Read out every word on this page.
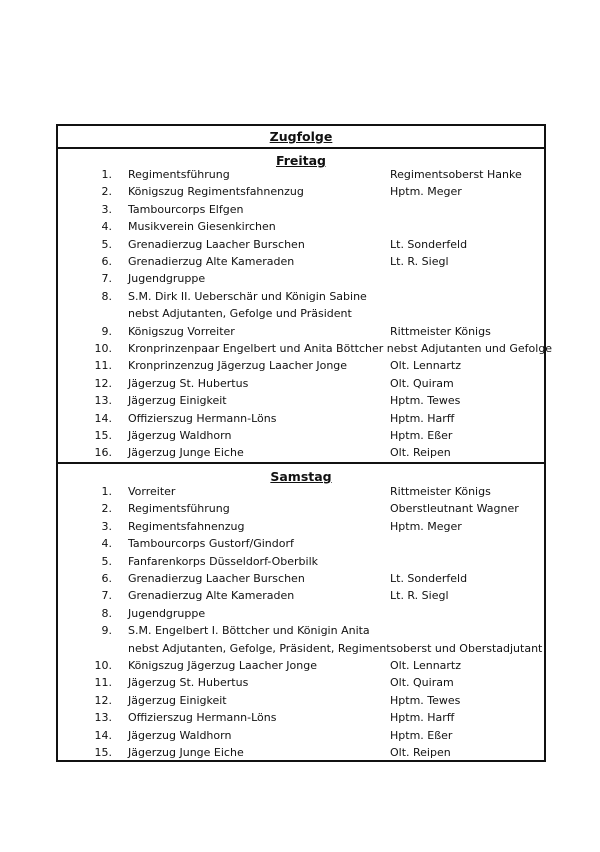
Zugfolge
Freitag
1. Regimentsführung	Regimentsoberst Hanke
2. Königszug Regimentsfahnenzug	Hptm. Meger
3. Tambourcorps Elfgen
4. Musikverein Giesenkirchen
5. Grenadierzug Laacher Burschen	Lt. Sonderfeld
6. Grenadierzug Alte Kameraden	Lt. R. Siegl
7. Jugendgruppe
8. S.M. Dirk II. Ueberschär und Königin Sabine
nebst Adjutanten, Gefolge und Präsident
9. Königszug Vorreiter	Rittmeister Königs
10. Kronprinzenpaar Engelbert und Anita Böttcher nebst Adjutanten und Gefolge
11. Kronprinzenzug Jägerzug Laacher Jonge	Olt. Lennartz
12. Jägerzug St. Hubertus	Olt. Quiram
13. Jägerzug Einigkeit	Hptm. Tewes
14. Offizierszug Hermann-Löns	Hptm. Harff
15. Jägerzug Waldhorn	Hptm. Eßer
16. Jägerzug Junge Eiche	Olt. Reipen
Samstag
1. Vorreiter	Rittmeister Königs
2. Regimentsführung	Oberstleutnant Wagner
3. Regimentsfahnenzug	Hptm. Meger
4. Tambourcorps Gustorf/Gindorf
5. Fanfarenkorps Düsseldorf-Oberbilk
6. Grenadierzug Laacher Burschen	Lt. Sonderfeld
7. Grenadierzug Alte Kameraden	Lt. R. Siegl
8. Jugendgruppe
9. S.M. Engelbert I. Böttcher und Königin Anita
nebst Adjutanten, Gefolge, Präsident, Regimentsoberst und Oberstadjutant
10. Königszug Jägerzug Laacher Jonge	Olt. Lennartz
11. Jägerzug St. Hubertus	Olt. Quiram
12. Jägerzug Einigkeit	Hptm. Tewes
13. Offizierszug Hermann-Löns	Hptm. Harff
14. Jägerzug Waldhorn	Hptm. Eßer
15. Jägerzug Junge Eiche	Olt. Reipen
